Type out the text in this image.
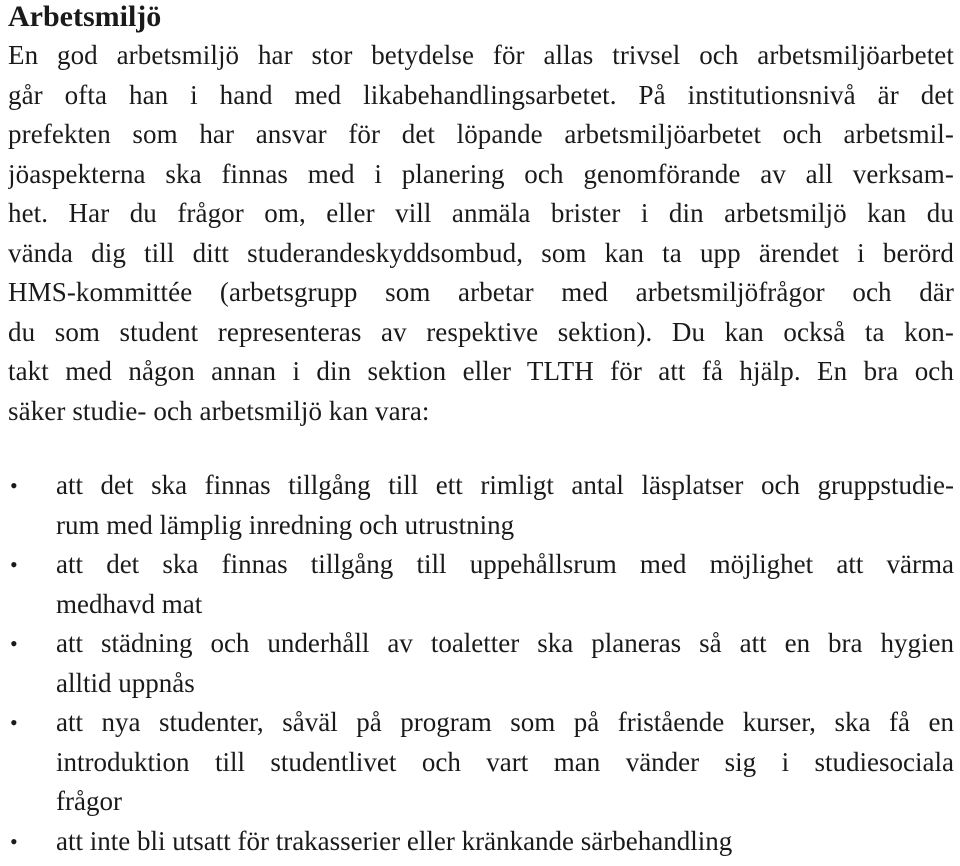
Arbetsmiljö

En god arbetsmiljö har stor betydelse för allas trivsel och arbetsmiljöarbetet
går ofta han i hand med likabehandlingsarbetet. På institutionsnivå är det
prefekten som har ansvar för det löpande arbetsmiljöarbetet och arbetsmil-
jöaspekterna ska finnas med i planering och genomförande av all verksam-
het. Har du frågor om, eller vill anmäla brister i din arbetsmiljö kan du
vända dig till ditt studerandeskyddsombud, som kan ta upp ärendet i berörd
HMS-kommittée (arbetsgrupp som arbetar med arbetsmiljöfrågor och där
du som student representeras av respektive sektion). Du kan också ta kon-
takt med någon annan i din sektion eller TLTH för att få hjälp. En bra och
säker studie- och arbetsmiljö kan vara:

• att det ska finnas tillgång till ett rimligt antal läsplatser och gruppstudie-
rum med lämplig inredning och utrustning
• att det ska finnas tillgång till uppehållsrum med möjlighet att värma
medhavd mat
• att städning och underhåll av toaletter ska planeras så att en bra hygien
alltid uppnås
• att nya studenter, såväl på program som på fristående kurser, ska få en
introduktion till studentlivet och vart man vänder sig i studiesociala
frågor
• att inte bli utsatt för trakasserier eller kränkande särbehandling
